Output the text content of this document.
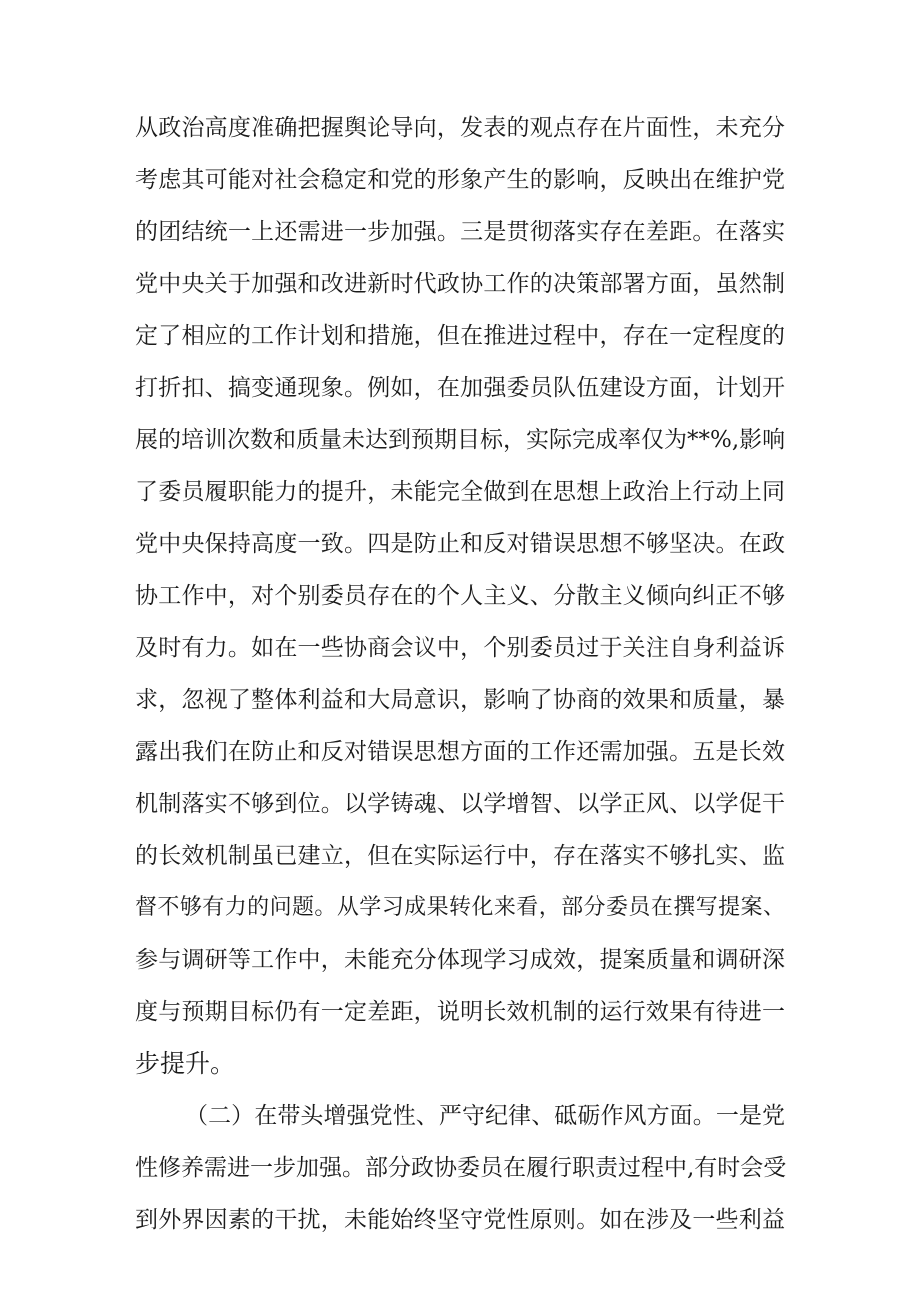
从政治高度准确把握舆论导向，发表的观点存在片面性，未充分
考虑其可能对社会稳定和党的形象产生的影响，反映出在维护党
的团结统一上还需进一步加强。三是贯彻落实存在差距。在落实
党中央关于加强和改进新时代政协工作的决策部署方面，虽然制
定了相应的工作计划和措施，但在推进过程中，存在一定程度的
打折扣、搞变通现象。例如，在加强委员队伍建设方面，计划开
展的培训次数和质量未达到预期目标，实际完成率仅为**%,影响
了委员履职能力的提升，未能完全做到在思想上政治上行动上同
党中央保持高度一致。四是防止和反对错误思想不够坚决。在政
协工作中，对个别委员存在的个人主义、分散主义倾向纠正不够
及时有力。如在一些协商会议中，个别委员过于关注自身利益诉
求，忽视了整体利益和大局意识，影响了协商的效果和质量，暴
露出我们在防止和反对错误思想方面的工作还需加强。五是长效
机制落实不够到位。以学铸魂、以学增智、以学正风、以学促干
的长效机制虽已建立，但在实际运行中，存在落实不够扎实、监
督不够有力的问题。从学习成果转化来看，部分委员在撰写提案、
参与调研等工作中，未能充分体现学习成效，提案质量和调研深
度与预期目标仍有一定差距，说明长效机制的运行效果有待进一
步提升。
（二）在带头增强党性、严守纪律、砥砺作风方面。一是党
性修养需进一步加强。部分政协委员在履行职责过程中,有时会受
到外界因素的干扰，未能始终坚守党性原则。如在涉及一些利益
